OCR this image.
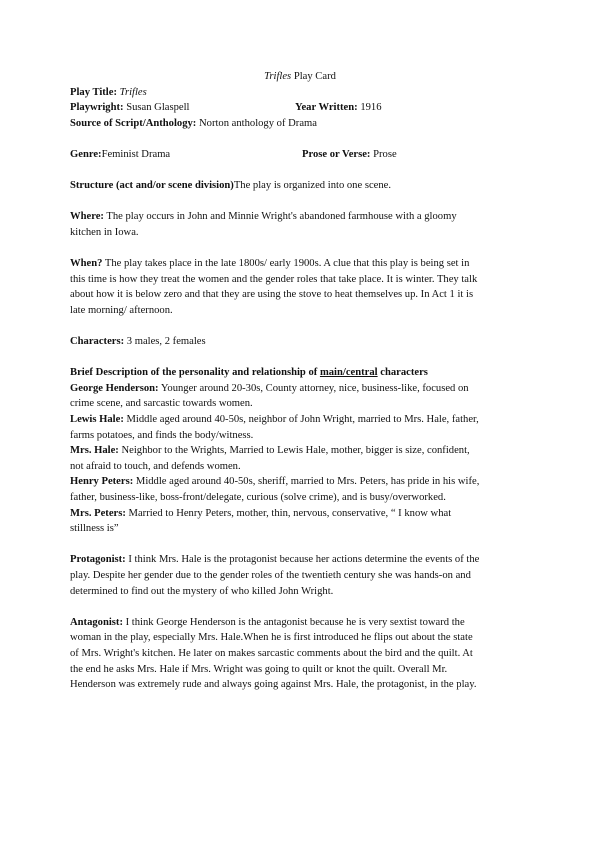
Trifles Play Card
Play Title: Trifles
Playwright: Susan Glaspell	Year Written: 1916
Source of Script/Anthology: Norton anthology of Drama
Genre:Feminist Drama	Prose or Verse: Prose
Structure (act and/or scene division)The play is organized into one scene.
Where: The play occurs in John and Minnie Wright's abandoned farmhouse with a gloomy
kitchen in Iowa.
When? The play takes place in the late 1800s/ early 1900s. A clue that this play is being set in
this time is how they treat the women and the gender roles that take place. It is winter. They talk
about how it is below zero and that they are using the stove to heat themselves up. In Act 1 it is
late morning/ afternoon.
Characters: 3 males, 2 females
Brief Description of the personality and relationship of main/central characters
George Henderson: Younger around 20-30s, County attorney, nice, business-like, focused on
crime scene, and sarcastic towards women.
Lewis Hale: Middle aged around 40-50s, neighbor of John Wright, married to Mrs. Hale, father,
farms potatoes, and finds the body/witness.
Mrs. Hale: Neighbor to the Wrights, Married to Lewis Hale, mother, bigger is size, confident,
not afraid to touch, and defends women.
Henry Peters: Middle aged around 40-50s, sheriff, married to Mrs. Peters, has pride in his wife,
father, business-like, boss-front/delegate, curious (solve crime), and is busy/overworked.
Mrs. Peters: Married to Henry Peters, mother, thin, nervous, conservative, “ I know what
stillness is”
Protagonist: I think Mrs. Hale is the protagonist because her actions determine the events of the
play. Despite her gender due to the gender roles of the twentieth century she was hands-on and
determined to find out the mystery of who killed John Wright.
Antagonist: I think George Henderson is the antagonist because he is very sextist toward the
woman in the play, especially Mrs. Hale.When he is first introduced he flips out about the state
of Mrs. Wright's kitchen. He later on makes sarcastic comments about the bird and the quilt. At
the end he asks Mrs. Hale if Mrs. Wright was going to quilt or knot the quilt. Overall Mr.
Henderson was extremely rude and always going against Mrs. Hale, the protagonist, in the play.
